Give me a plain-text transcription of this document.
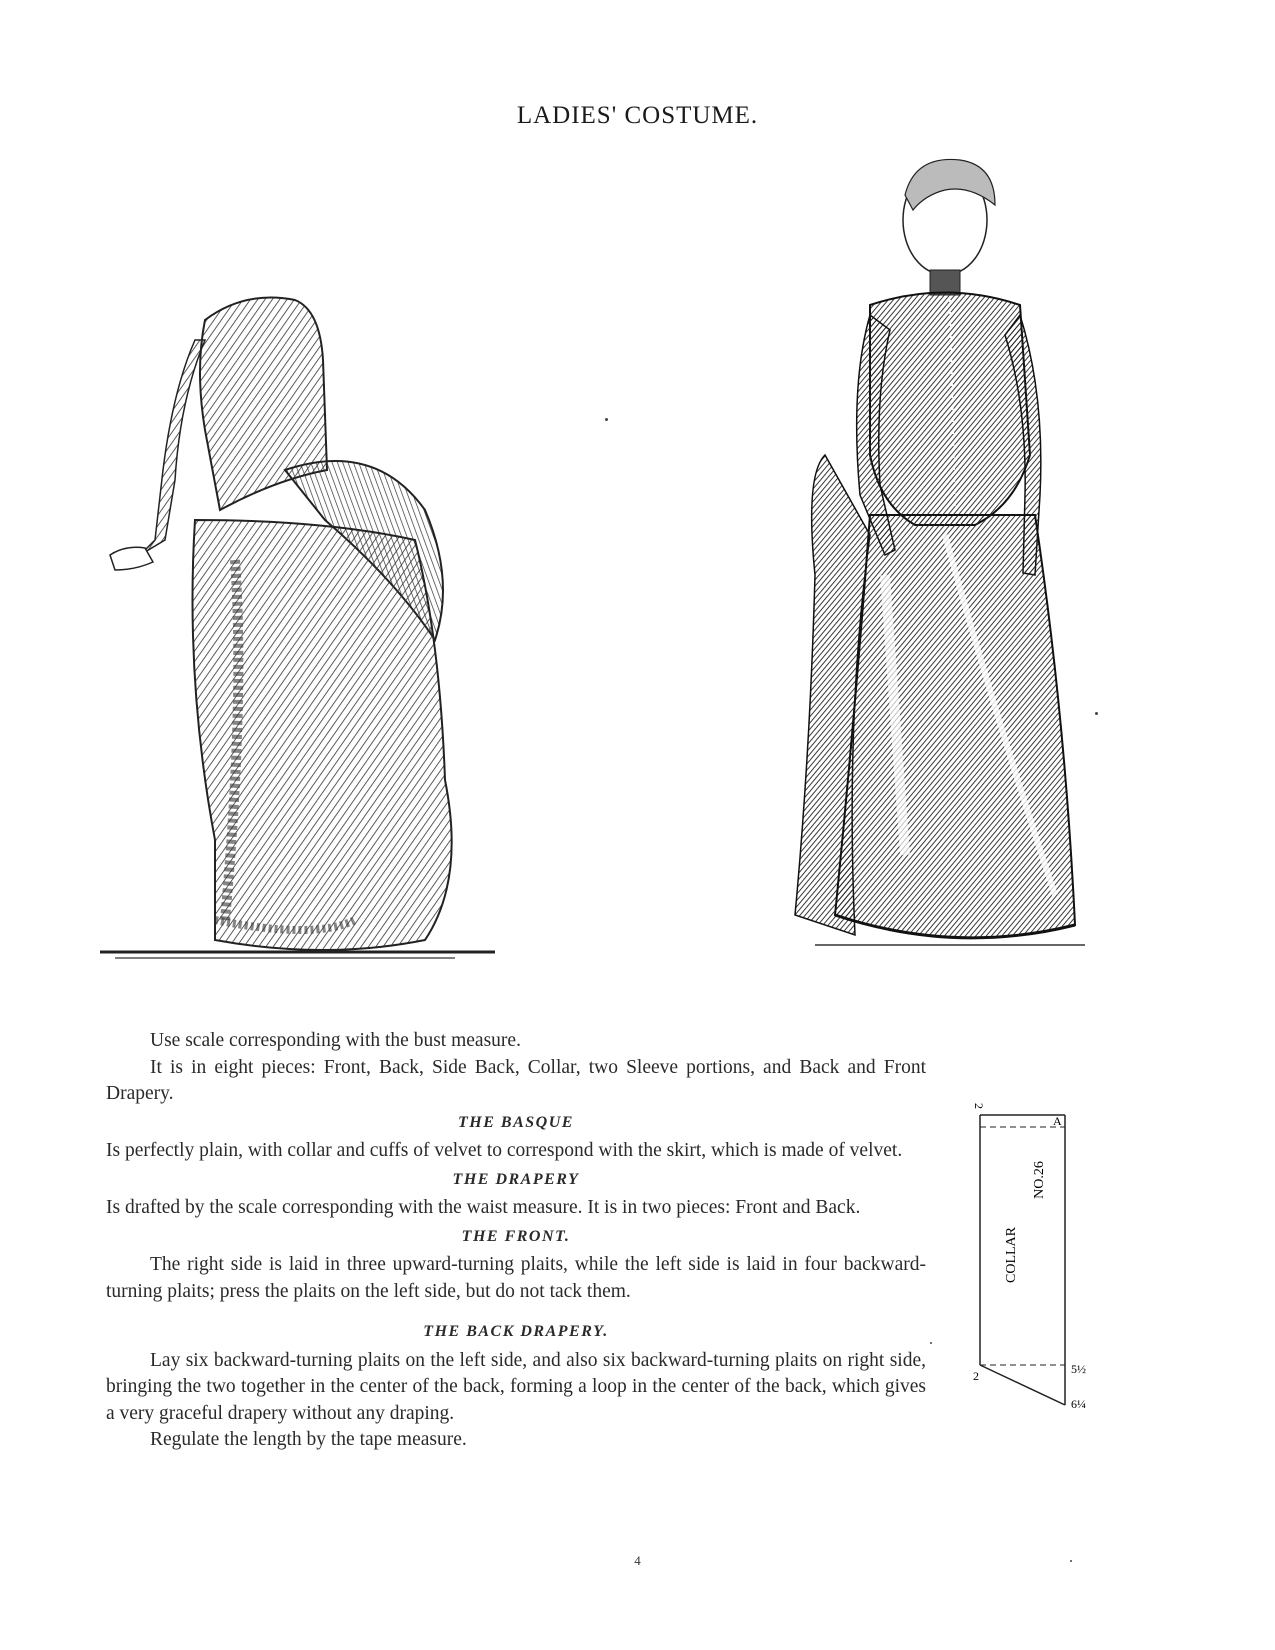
LADIES' COSTUME.

Use scale corresponding with the bust measure.

It is in eight pieces: Front, Back, Side Back, Collar, two Sleeve portions, and Back and Front Drapery.

THE BASQUE

Is perfectly plain, with collar and cuffs of velvet to correspond with the skirt, which is made of velvet.

THE DRAPERY

Is drafted by the scale corresponding with the waist measure. It is in two pieces: Front and Back.

THE FRONT.

The right side is laid in three upward-turning plaits, while the left side is laid in four backward-turning plaits; press the plaits on the left side, but do not tack them.

THE BACK DRAPERY.

Lay six backward-turning plaits on the left side, and also six backward-turning plaits on right side, bringing the two together in the center of the back, forming a loop in the center of the back, which gives a very graceful drapery without any draping.

Regulate the length by the tape measure.

2
A
NO.26
COLLAR
5½
2
6¼
4
